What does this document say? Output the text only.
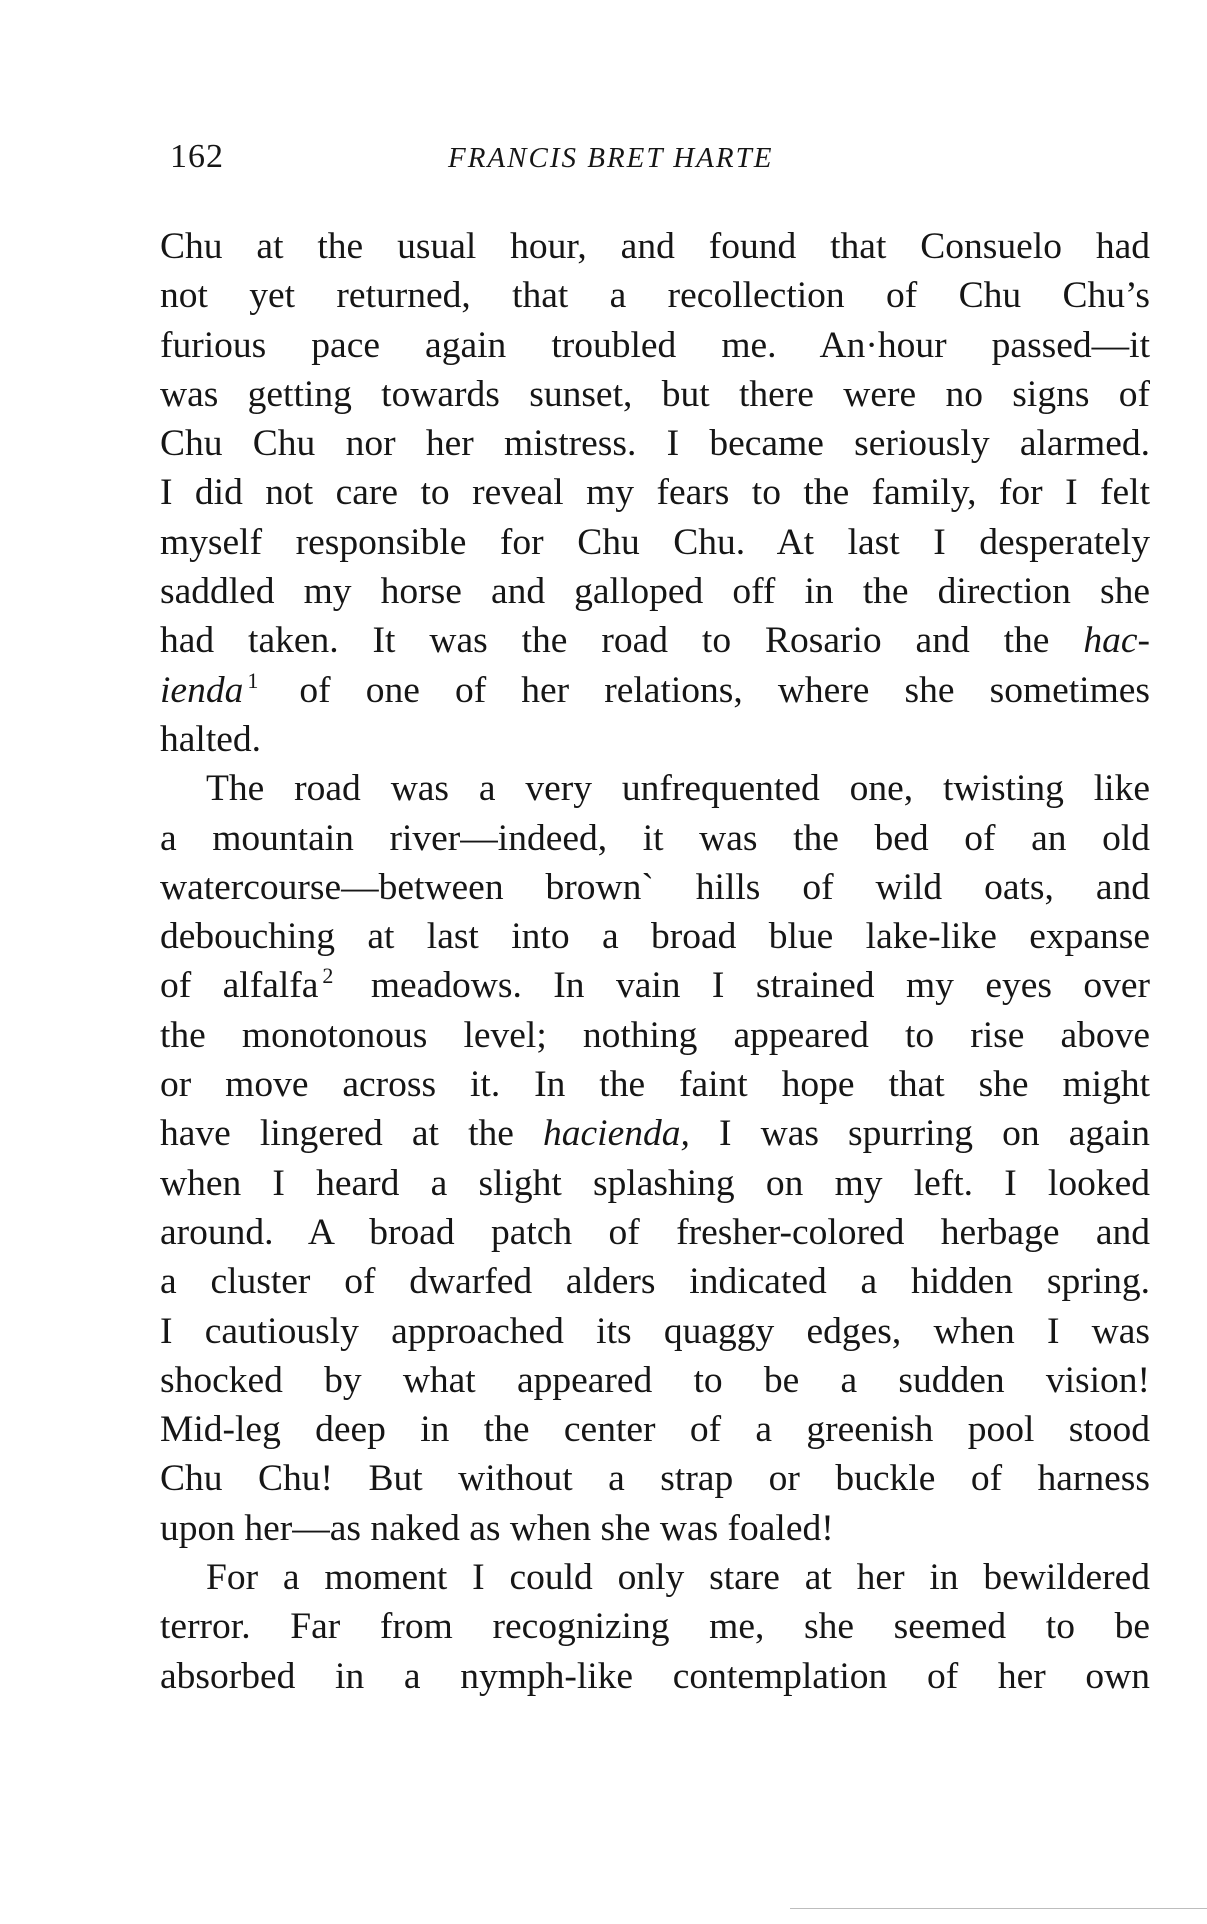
162	FRANCIS BRET HARTE
Chu at the usual hour, and found that Consuelo had
not yet returned, that a recollection of Chu Chu’s
furious pace again troubled me. An·hour passed—it
was getting towards sunset, but there were no signs of
Chu Chu nor her mistress. I became seriously alarmed.
I did not care to reveal my fears to the family, for I felt
myself responsible for Chu Chu. At last I desperately
saddled my horse and galloped off in the direction she
had taken. It was the road to Rosario and the hac-
ienda $^1$ of one of her relations, where she sometimes
halted.
The road was a very unfrequented one, twisting like
a mountain river—indeed, it was the bed of an old
watercourse—between brown` hills of wild oats, and
debouching at last into a broad blue lake-like expanse
of alfalfa $^2$ meadows. In vain I strained my eyes over
the monotonous level; nothing appeared to rise above
or move across it. In the faint hope that she might
have lingered at the hacienda, I was spurring on again
when I heard a slight splashing on my left. I looked
around. A broad patch of fresher-colored herbage and
a cluster of dwarfed alders indicated a hidden spring.
I cautiously approached its quaggy edges, when I was
shocked by what appeared to be a sudden vision!
Mid-leg deep in the center of a greenish pool stood
Chu Chu! But without a strap or buckle of harness
upon her—as naked as when she was foaled!
For a moment I could only stare at her in bewildered
terror. Far from recognizing me, she seemed to be
absorbed in a nymph-like contemplation of her own
